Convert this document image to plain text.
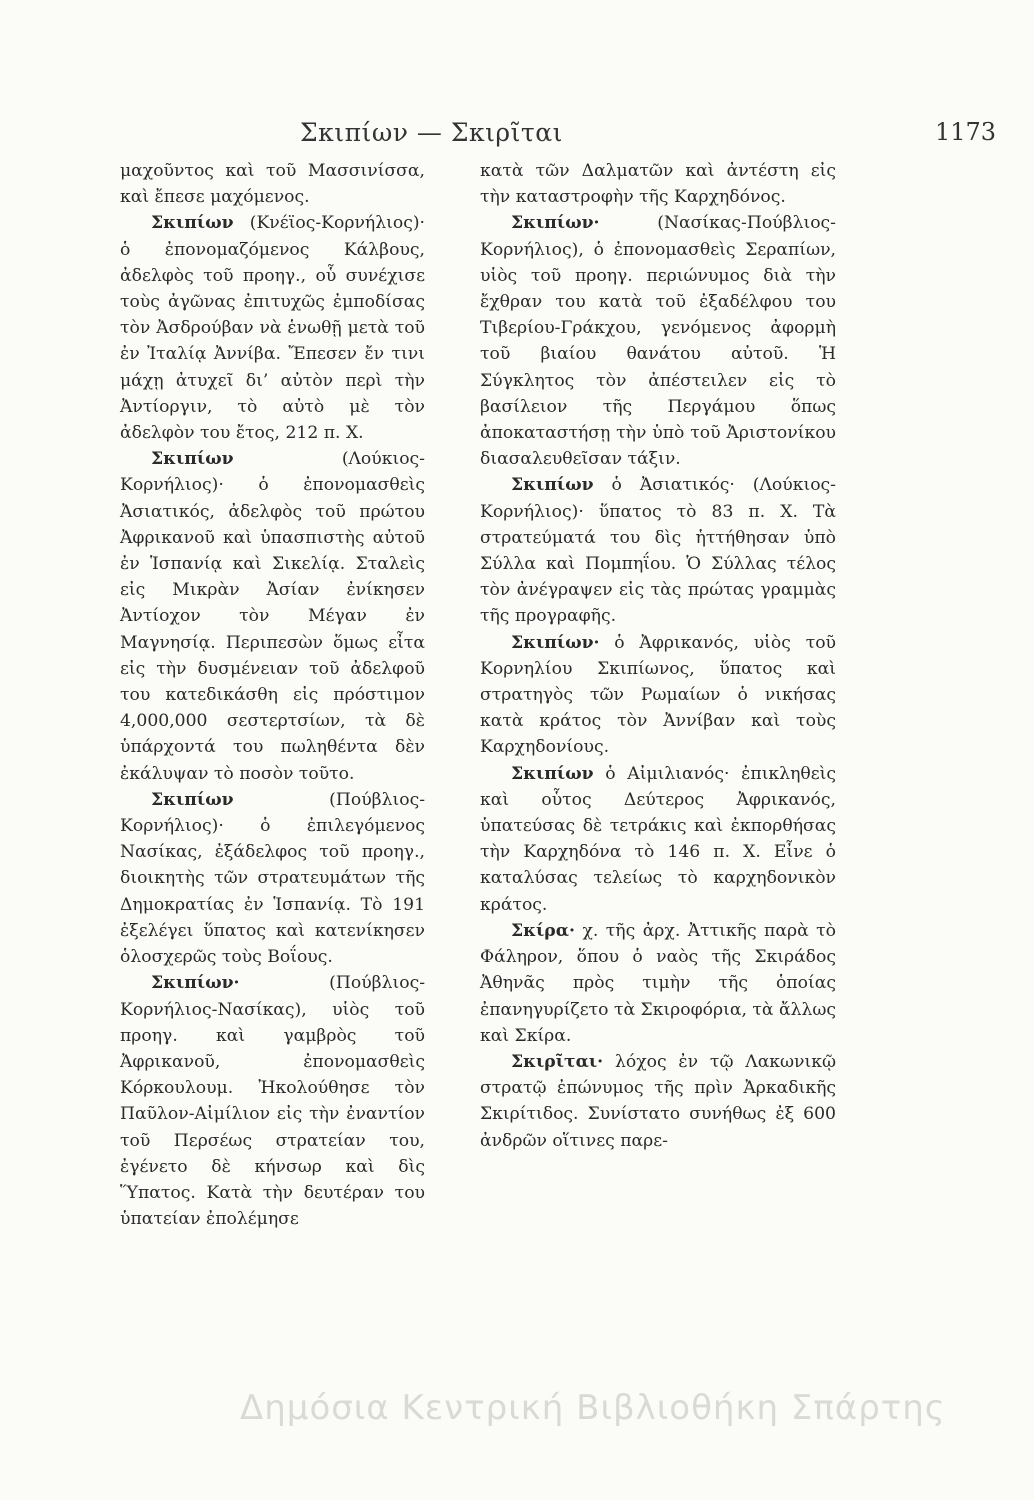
Σκιπίων — Σκιρῖται	1173

μαχοῦντος καὶ τοῦ Μασσινίσσα, καὶ ἔπεσε μαχόμενος.

Σκιπίων (Κνέϊος-Κορνήλιος)· ὁ ἐπονομαζόμενος Κάλβους, ἀδελφὸς τοῦ προηγ., οὗ συνέχισε τοὺς ἀγῶνας ἐπιτυχῶς ἐμποδίσας τὸν Ἀσδρούβαν νὰ ἑνωθῇ μετὰ τοῦ ἐν Ἰταλίᾳ Ἀννίβα. Ἔπεσεν ἔν τινι μάχῃ ἀτυχεῖ δι’ αὐτὸν περὶ τὴν Ἀντίοργιν, τὸ αὐτὸ μὲ τὸν ἀδελφὸν του ἔτος, 212 π. Χ.

Σκιπίων	(Λούκιος-Κορνήλιος)· ὁ ἐπονομασθεὶς Ἀσιατικός, ἀδελφὸς τοῦ πρώτου Ἀφρικανοῦ καὶ ὑπασπιστὴς αὐτοῦ ἐν Ἱσπανίᾳ καὶ Σικελίᾳ. Σταλεὶς εἰς Μικρὰν Ἀσίαν ἐνίκησεν Ἀντίοχον τὸν Μέγαν ἐν Μαγνησίᾳ. Περιπεσὼν ὅμως εἶτα εἰς τὴν δυσμένειαν τοῦ ἀδελφοῦ του κατεδικάσθη εἰς πρόστιμον 4,000,000 σεστερτσίων, τὰ δὲ ὑπάρχοντά του πωληθέντα δὲν ἐκάλυψαν τὸ ποσὸν τοῦτο.

Σκιπίων	(Πούβλιος-Κορνήλιος)· ὁ ἐπιλεγόμενος Νασίκας, ἐξάδελφος τοῦ προηγ., διοικητὴς τῶν στρατευμάτων τῆς Δημοκρατίας ἐν Ἱσπανίᾳ. Τὸ 191 ἐξελέγει ὕπατος καὶ κατενίκησεν ὁλοσχερῶς τοὺς Βοΐους.

Σκιπίων·	(Πούβλιος-Κορνήλιος-Νασίκας), υἱὸς τοῦ προηγ. καὶ γαμβρὸς τοῦ Ἀφρικανοῦ, ἐπονομασθεὶς Κόρκουλουμ. Ἠκολούθησε τὸν Παῦλον-Αἰμίλιον εἰς τὴν ἐναντίον τοῦ Περσέως στρατείαν του, ἐγένετο δὲ κήνσωρ καὶ δὶς Ὕπατος. Κατὰ τὴν δευτέραν του ὑπατείαν ἐπολέμησε

κατὰ τῶν Δαλματῶν καὶ ἀντέστη εἰς τὴν καταστροφὴν τῆς Καρχηδόνος.

Σκιπίων·	(Νασίκας-Πούβλιος-Κορνήλιος), ὁ ἐπονομασθεὶς Σεραπίων, υἱὸς τοῦ προηγ. περιώνυμος διὰ τὴν ἔχθραν του κατὰ τοῦ ἐξαδέλφου του Τιβερίου-Γράκχου, γενόμενος ἀφορμὴ τοῦ βιαίου θανάτου αὐτοῦ. Ἡ Σύγκλητος τὸν ἀπέστειλεν εἰς τὸ βασίλειον τῆς Περγάμου ὅπως ἀποκαταστήσῃ τὴν ὑπὸ τοῦ Ἀριστονίκου διασαλευθεῖσαν τάξιν.

Σκιπίων ὁ Ἀσιατικός· (Λούκιος-Κορνήλιος)· ὕπατος τὸ 83 π. Χ. Τὰ στρατεύματά του δὶς ἡττήθησαν ὑπὸ Σύλλα καὶ Πομπηΐου. Ὁ Σύλλας τέλος τὸν ἀνέγραψεν εἰς τὰς πρώτας γραμμὰς τῆς προγραφῆς.

Σκιπίων· ὁ Ἀφρικανός, υἱὸς τοῦ Κορνηλίου Σκιπίωνος, ὕπατος καὶ στρατηγὸς τῶν Ρωμαίων ὁ νικήσας κατὰ κράτος τὸν Ἀννίβαν καὶ τοὺς Καρχηδονίους.

Σκιπίων ὁ Αἰμιλιανός· ἐπικληθεὶς καὶ οὗτος Δεύτερος Ἀφρικανός, ὑπατεύσας δὲ τετράκις καὶ ἐκπορθήσας τὴν Καρχηδόνα τὸ 146 π. Χ. Εἶνε ὁ καταλύσας τελείως τὸ καρχηδονικὸν κράτος.

Σκίρα· χ. τῆς ἀρχ. Ἀττικῆς παρὰ τὸ Φάληρον, ὅπου ὁ ναὸς τῆς Σκιράδος Ἀθηνᾶς πρὸς τιμὴν τῆς ὁποίας ἐπανηγυρίζετο τὰ Σκιροφόρια, τὰ ἄλλως καὶ Σκίρα.

Σκιρῖται· λόχος ἐν τῷ Λακωνικῷ στρατῷ ἐπώνυμος τῆς πρὶν Ἀρκαδικῆς Σκιρίτιδος. Συνίστατο συνήθως ἐξ 600 ἀνδρῶν οἵτινες παρε-

Δημόσια Κεντρική Βιβλιοθήκη Σπάρτης
